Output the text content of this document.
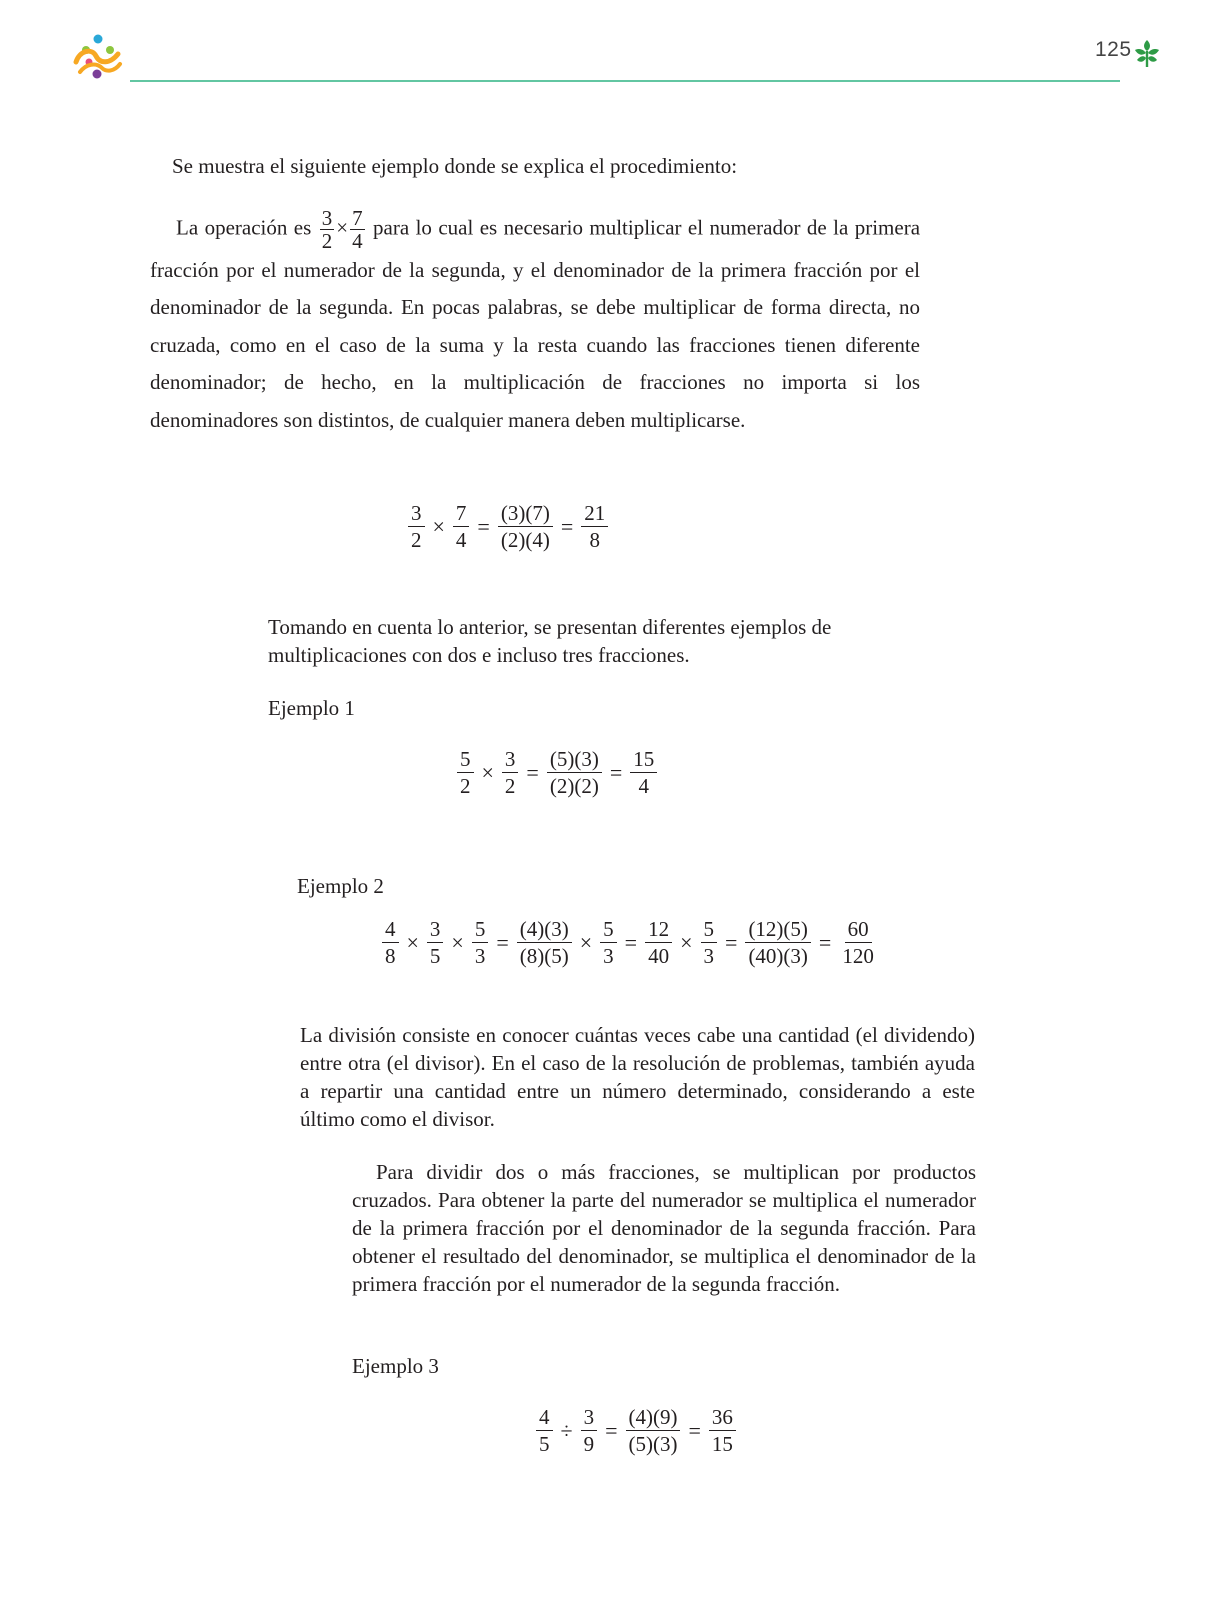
125
Se muestra el siguiente ejemplo donde se explica el procedimiento:
La operación es $\frac{3}{2} \times \frac{7}{4}$ para lo cual es necesario multiplicar el numerador de la primera fracción por el numerador de la segunda, y el denominador de la primera fracción por el denominador de la segunda. En pocas palabras, se debe multiplicar de forma directa, no cruzada, como en el caso de la suma y la resta cuando las fracciones tienen diferente denominador; de hecho, en la multiplicación de fracciones no importa si los denominadores son distintos, de cualquier manera deben multiplicarse.
$\frac{3}{2} \times \frac{7}{4} = \frac{(3)(7)}{(2)(4)} = \frac{21}{8}$
Tomando en cuenta lo anterior, se presentan diferentes ejemplos de multiplicaciones con dos e incluso tres fracciones.
Ejemplo 1
$\frac{5}{2} \times \frac{3}{2} = \frac{(5)(3)}{(2)(2)} = \frac{15}{4}$
Ejemplo 2
$\frac{4}{8} \times \frac{3}{5} \times \frac{5}{3} = \frac{(4)(3)}{(8)(5)} \times \frac{5}{3} = \frac{12}{40} \times \frac{5}{3} = \frac{(12)(5)}{(40)(3)} = \frac{60}{120}$
La división consiste en conocer cuántas veces cabe una cantidad (el dividendo) entre otra (el divisor). En el caso de la resolución de problemas, también ayuda a repartir una cantidad entre un número determinado, considerando a este último como el divisor.
Para dividir dos o más fracciones, se multiplican por productos cruzados. Para obtener la parte del numerador se multiplica el numerador de la primera fracción por el denominador de la segunda fracción. Para obtener el resultado del denominador, se multiplica el denominador de la primera fracción por el numerador de la segunda fracción.
Ejemplo 3
$\frac{4}{5} \div \frac{3}{9} = \frac{(4)(9)}{(5)(3)} = \frac{36}{15}$
